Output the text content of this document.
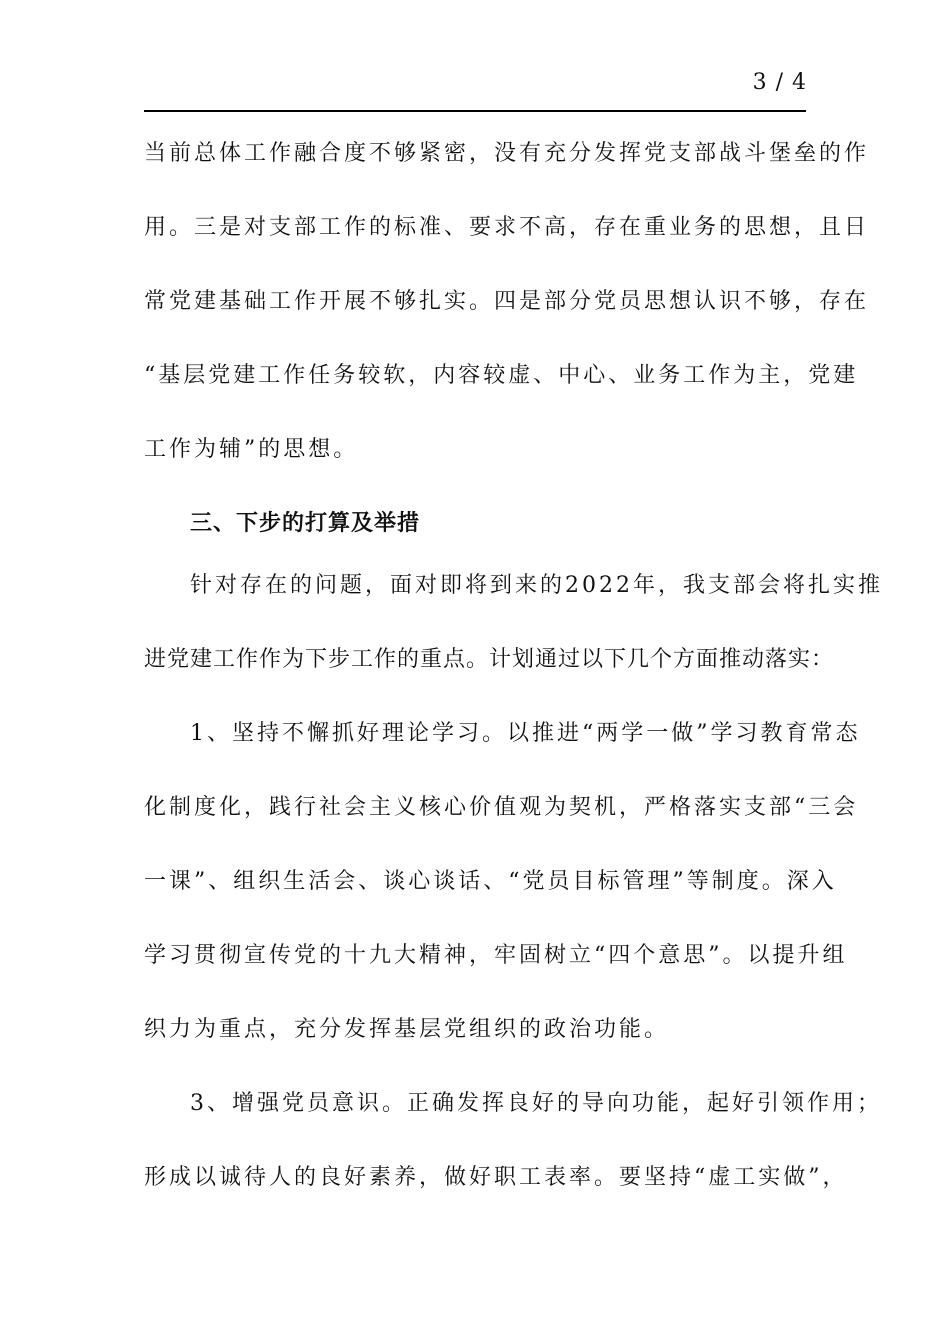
3 / 4
当前总体工作融合度不够紧密，没有充分发挥党支部战斗堡垒的作
用。三是对支部工作的标准、要求不高，存在重业务的思想，且日
常党建基础工作开展不够扎实。四是部分党员思想认识不够，存在
“基层党建工作任务较软，内容较虚、中心、业务工作为主，党建
工作为辅”的思想。
三、下步的打算及举措
针对存在的问题，面对即将到来的2022年，我支部会将扎实推
进党建工作作为下步工作的重点。计划通过以下几个方面推动落实：
1、坚持不懈抓好理论学习。以推进“两学一做”学习教育常态
化制度化，践行社会主义核心价值观为契机，严格落实支部“三会
一课”、组织生活会、谈心谈话、“党员目标管理”等制度。深入
学习贯彻宣传党的十九大精神，牢固树立“四个意思”。以提升组
织力为重点，充分发挥基层党组织的政治功能。
3、增强党员意识。正确发挥良好的导向功能，起好引领作用；
形成以诚待人的良好素养，做好职工表率。要坚持“虚工实做”，
